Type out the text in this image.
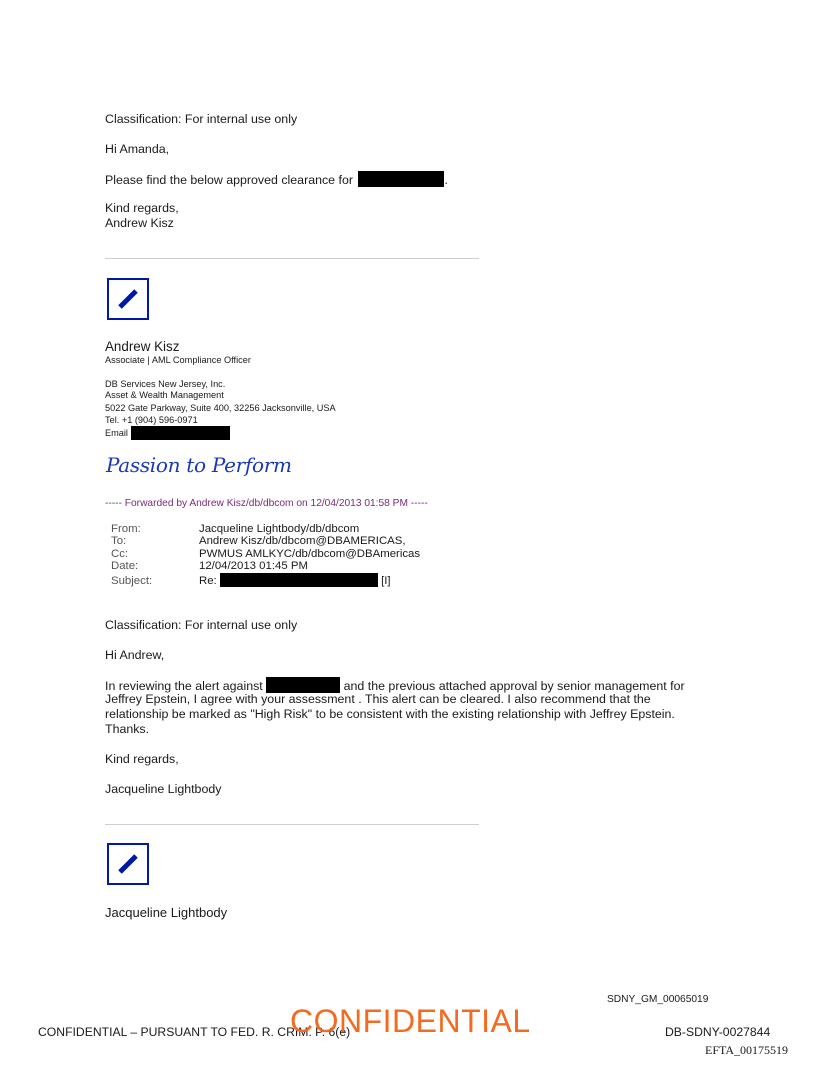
Classification: For internal use only
Hi Amanda,
Please find the below approved clearance for	.
Kind regards,
Andrew Kisz
Andrew Kisz
Associate | AML Compliance Officer
DB Services New Jersey, Inc.
Asset & Wealth Management
5022 Gate Parkway, Suite 400, 32256 Jacksonville, USA
Tel. +1 (904) 596-0971
Email
Passion to Perform
----- Forwarded by Andrew Kisz/db/dbcom on 12/04/2013 01:58 PM -----
From:	Jacqueline Lightbody/db/dbcom
To:	Andrew Kisz/db/dbcom@DBAMERICAS,
Cc:	PWMUS AMLKYC/db/dbcom@DBAmericas
Date:	12/04/2013 01:45 PM
Subject:	Re:	[I]
Classification: For internal use only
Hi Andrew,
In reviewing the alert against	and the previous attached approval by senior management for
Jeffrey Epstein, I agree with your assessment . This alert can be cleared. I also recommend that the
relationship be marked as "High Risk" to be consistent with the existing relationship with Jeffrey Epstein.
Thanks.
Kind regards,
Jacqueline Lightbody
Jacqueline Lightbody
SDNY_GM_00065019
CONFIDENTIAL – PURSUANT TO FED. R. CRIM. P. 6(e)
CONFIDENTIAL	DB-SDNY-0027844
EFTA_00175519
